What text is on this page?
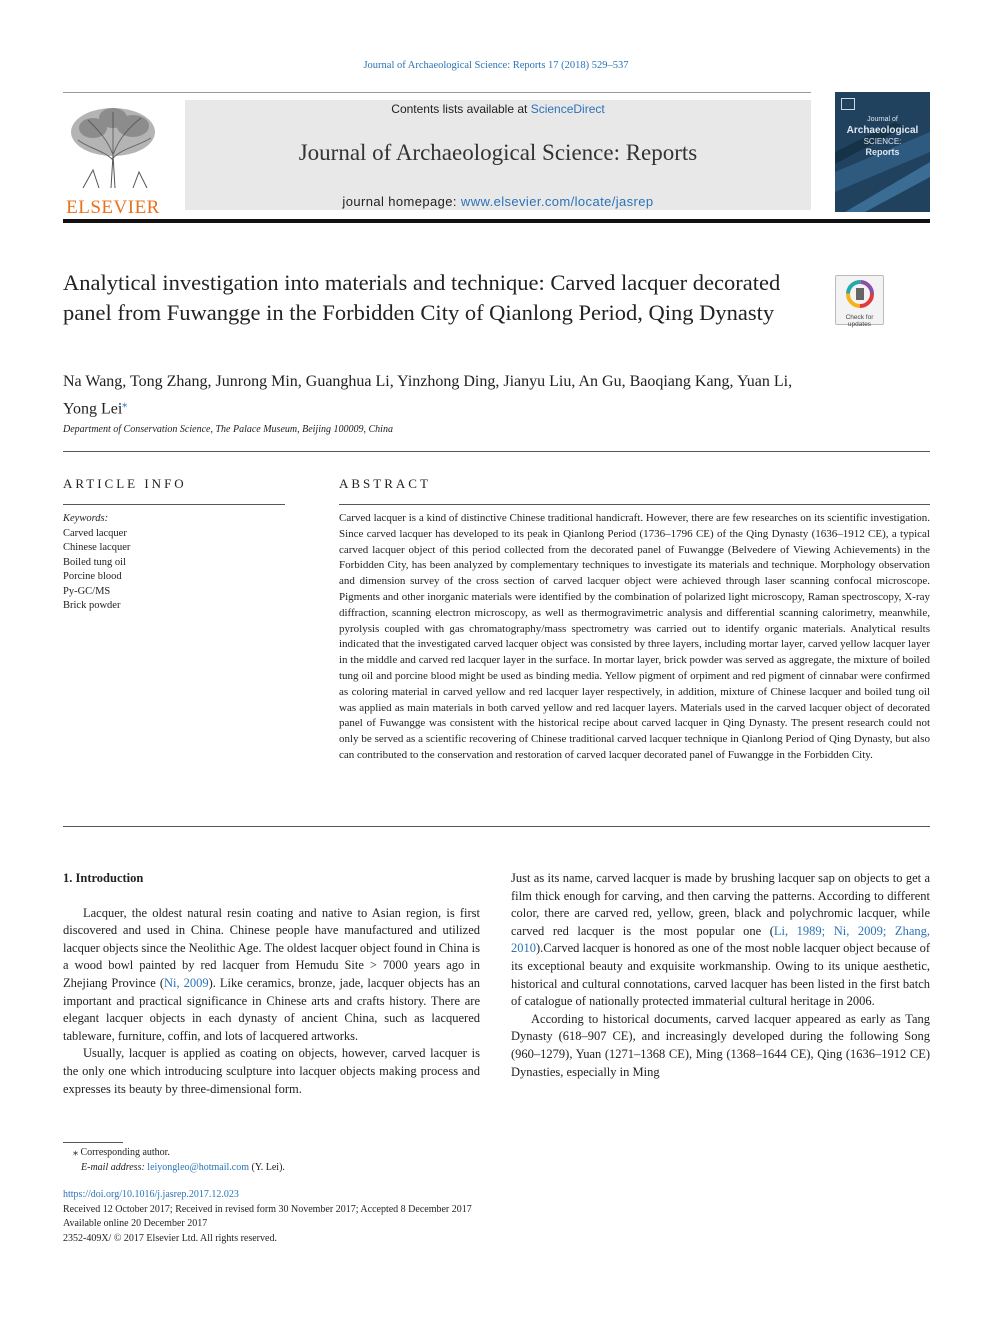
Journal of Archaeological Science: Reports 17 (2018) 529–537
ELSEVIER
Contents lists available at ScienceDirect
Journal of Archaeological Science: Reports
journal homepage: www.elsevier.com/locate/jasrep
Journal of
Archaeological
SCIENCE:
Reports
Analytical investigation into materials and technique: Carved lacquer decorated panel from Fuwangge in the Forbidden City of Qianlong Period, Qing Dynasty	Check for updates
Na Wang, Tong Zhang, Junrong Min, Guanghua Li, Yinzhong Ding, Jianyu Liu, An Gu, Baoqiang Kang, Yuan Li, Yong Lei⁎
Department of Conservation Science, The Palace Museum, Beijing 100009, China
ARTICLE INFO	ABSTRACT
Keywords:
Carved lacquer
Chinese lacquer
Boiled tung oil
Porcine blood
Py-GC/MS
Brick powder
Carved lacquer is a kind of distinctive Chinese traditional handicraft. However, there are few researches on its scientific investigation. Since carved lacquer has developed to its peak in Qianlong Period (1736–1796 CE) of the Qing Dynasty (1636–1912 CE), a typical carved lacquer object of this period collected from the decorated panel of Fuwangge (Belvedere of Viewing Achievements) in the Forbidden City, has been analyzed by complementary techniques to investigate its materials and technique. Morphology observation and dimension survey of the cross section of carved lacquer object were achieved through laser scanning confocal microscope. Pigments and other inorganic materials were identified by the combination of polarized light microscopy, Raman spectroscopy, X-ray diffraction, scanning electron microscopy, as well as thermogravimetric analysis and differential scanning calorimetry, meanwhile, pyrolysis coupled with gas chromatography/mass spectrometry was carried out to identify organic materials. Analytical results indicated that the investigated carved lacquer object was consisted by three layers, including mortar layer, carved yellow lacquer layer in the middle and carved red lacquer layer in the surface. In mortar layer, brick powder was served as aggregate, the mixture of boiled tung oil and porcine blood might be used as binding media. Yellow pigment of orpiment and red pigment of cinnabar were confirmed as coloring material in carved yellow and red lacquer layer respectively, in addition, mixture of Chinese lacquer and boiled tung oil was applied as main materials in both carved yellow and red lacquer layers. Materials used in the carved lacquer object of decorated panel of Fuwangge was consistent with the historical recipe about carved lacquer in Qing Dynasty. The present research could not only be served as a scientific recovering of Chinese traditional carved lacquer technique in Qianlong Period of Qing Dynasty, but also can contributed to the conservation and restoration of carved lacquer decorated panel of Fuwangge in the Forbidden City.
1. Introduction

Lacquer, the oldest natural resin coating and native to Asian region, is first discovered and used in China. Chinese people have manufactured and utilized lacquer objects since the Neolithic Age. The oldest lacquer object found in China is a wood bowl painted by red lacquer from Hemudu Site > 7000 years ago in Zhejiang Province (Ni, 2009). Like ceramics, bronze, jade, lacquer objects has an important and practical significance in Chinese arts and crafts history. There are elegant lacquer objects in each dynasty of ancient China, such as lacquered tableware, furniture, coffin, and lots of lacquered artworks.

Usually, lacquer is applied as coating on objects, however, carved lacquer is the only one which introducing sculpture into lacquer objects making process and expresses its beauty by three-dimensional form.

Just as its name, carved lacquer is made by brushing lacquer sap on objects to get a film thick enough for carving, and then carving the patterns. According to different color, there are carved red, yellow, green, black and polychromic lacquer, while carved red lacquer is the most popular one (Li, 1989; Ni, 2009; Zhang, 2010).Carved lacquer is honored as one of the most noble lacquer object because of its exceptional beauty and exquisite workmanship. Owing to its unique aesthetic, historical and cultural connotations, carved lacquer has been listed in the first batch of catalogue of nationally protected immaterial cultural heritage in 2006.

According to historical documents, carved lacquer appeared as early as Tang Dynasty (618–907 CE), and increasingly developed during the following Song (960–1279), Yuan (1271–1368 CE), Ming (1368–1644 CE), Qing (1636–1912 CE) Dynasties, especially in Ming

⁎ Corresponding author.
E-mail address: leiyongleo@hotmail.com (Y. Lei).
https://doi.org/10.1016/j.jasrep.2017.12.023
Received 12 October 2017; Received in revised form 30 November 2017; Accepted 8 December 2017
Available online 20 December 2017
2352-409X/ © 2017 Elsevier Ltd. All rights reserved.
